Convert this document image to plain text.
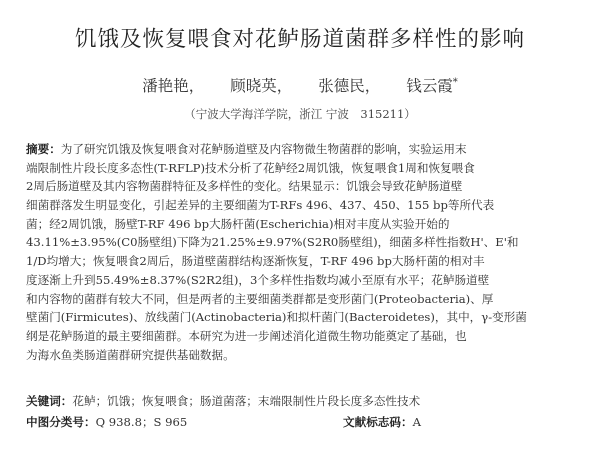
饥饿及恢复喂食对花鲈肠道菌群多样性的影响
潘艳艳， 顾晓英， 张德民， 钱云霞*
（宁波大学海洋学院，浙江 宁波　315211）
摘要：为了研究饥饿及恢复喂食对花鲈肠道壁及内容物微生物菌群的影响，实验运用末
端限制性片段长度多态性(T-RFLP)技术分析了花鲈经2周饥饿，恢复喂食1周和恢复喂食
2周后肠道壁及其内容物菌群特征及多样性的变化。结果显示：饥饿会导致花鲈肠道壁
细菌群落发生明显变化，引起差异的主要细菌为T-RFs 496、437、450、155 bp等所代表
菌；经2周饥饿，肠壁T-RF 496 bp大肠杆菌(Escherichia)相对丰度从实验开始的
43.11%±3.95%(C0肠壁组)下降为21.25%±9.97%(S2R0肠壁组)，细菌多样性指数H'、E'和
1/D均增大；恢复喂食2周后，肠道壁菌群结构逐渐恢复，T-RF 496 bp大肠杆菌的相对丰
度逐渐上升到55.49%±8.37%(S2R2组)，3个多样性指数均减小至原有水平；花鲈肠道壁
和内容物的菌群有较大不同，但是两者的主要细菌类群都是变形菌门(Proteobacteria)、厚
壁菌门(Firmicutes)、放线菌门(Actinobacteria)和拟杆菌门(Bacteroidetes)，其中，γ-变形菌
纲是花鲈肠道的最主要细菌群。本研究为进一步阐述消化道微生物功能奠定了基础，也
为海水鱼类肠道菌群研究提供基础数据。
关键词：花鲈；饥饿；恢复喂食；肠道菌落；末端限制性片段长度多态性技术
中图分类号：Q 938.8；S 965	文献标志码：A
